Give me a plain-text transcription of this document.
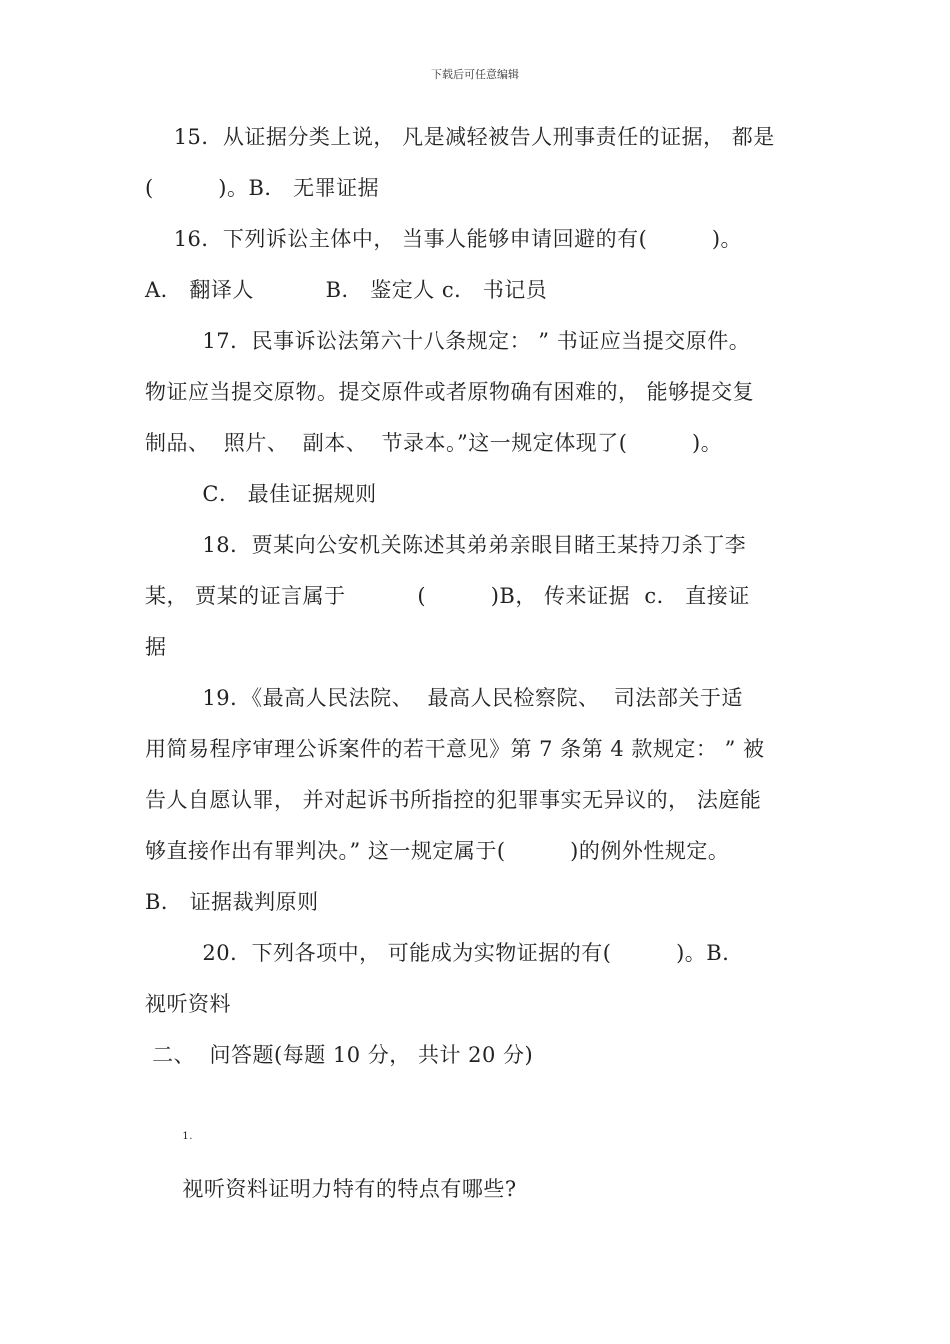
下载后可任意编辑
15．从证据分类上说， 凡是减轻被告人刑事责任的证据， 都是
(         )。B． 无罪证据
16．下列诉讼主体中， 当事人能够申请回避的有(         )。
A． 翻译人          B． 鉴定人 c． 书记员
17．民事诉讼法第六十八条规定： ” 书证应当提交原件。
物证应当提交原物。提交原件或者原物确有困难的， 能够提交复
制品、  照片、  副本、  节录本。”这一规定体现了(         )。
C． 最佳证据规则
18．贾某向公安机关陈述其弟弟亲眼目睹王某持刀杀丁李
某， 贾某的证言属于          (         )B， 传来证据  c． 直接证
据
19．《最高人民法院、  最高人民检察院、  司法部关于适
用简易程序审理公诉案件的若干意见》第 7 条第 4 款规定： ” 被
告人自愿认罪， 并对起诉书所指控的犯罪事实无异议的， 法庭能
够直接作出有罪判决。” 这一规定属于(         )的例外性规定。
B． 证据裁判原则
20．下列各项中， 可能成为实物证据的有(         )。B．
视听资料
二、  问答题(每题 10 分， 共计 20 分)

1.

视听资料证明力特有的特点有哪些?
